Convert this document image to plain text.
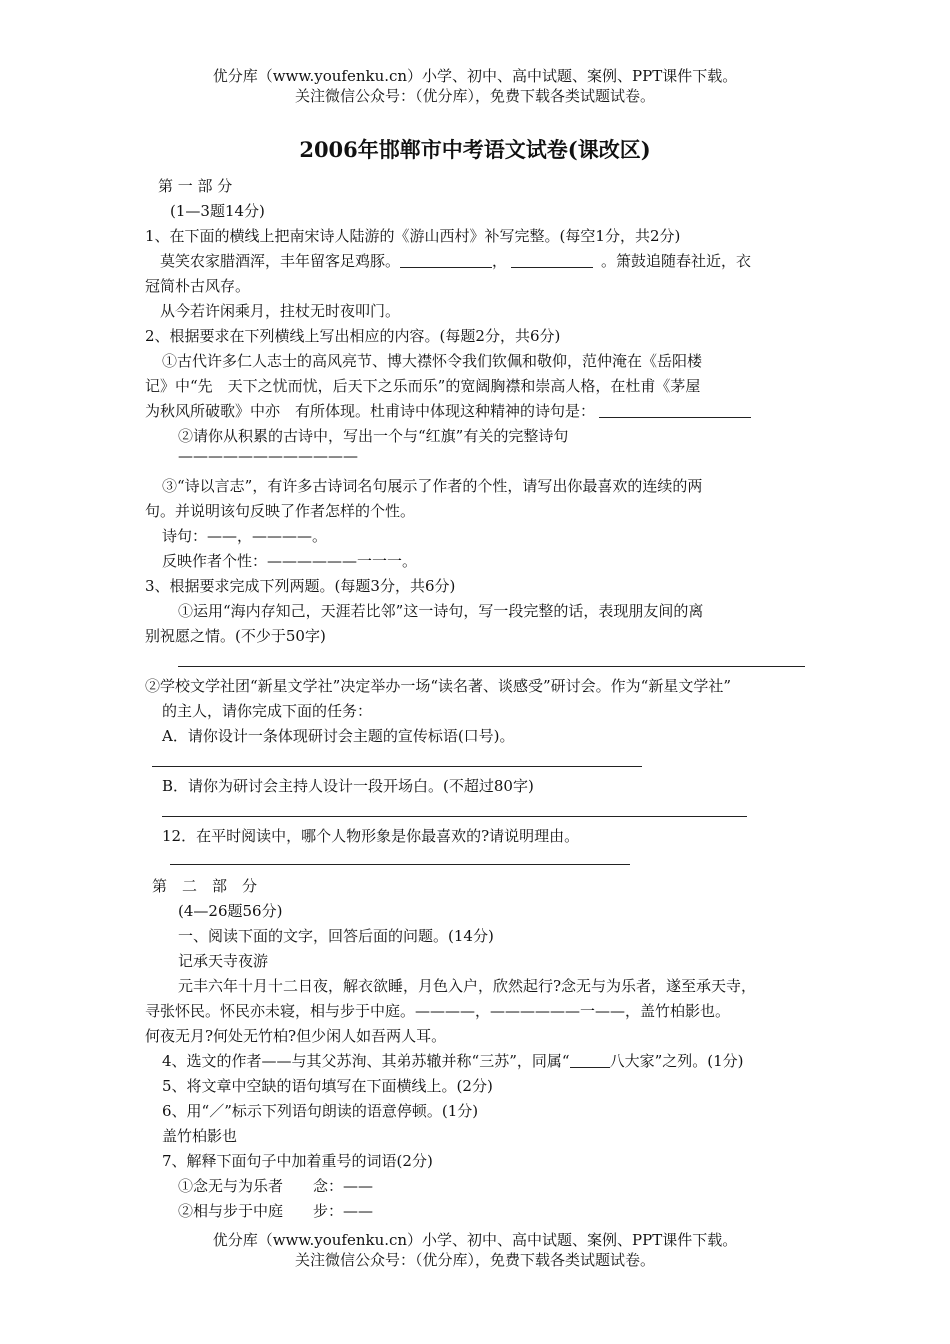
优分库（www.youfenku.cn）小学、初中、高中试题、案例、PPT课件下载。
关注微信公众号：（优分库），免费下载各类试题试卷。
2006年邯郸市中考语文试卷(课改区)
第 一 部 分
(1—3题14分)
1、在下面的横线上把南宋诗人陆游的《游山西村》补写完整。(每空1分，共2分)
莫笑农家腊酒浑，丰年留客足鸡豚。	，	。箫鼓追随春社近，衣
冠简朴古风存。
从今若许闲乘月，拄杖无时夜叩门。
2、根据要求在下列横线上写出相应的内容。(每题2分，共6分)
①古代许多仁人志士的高风亮节、博大襟怀令我们钦佩和敬仰，范仲淹在《岳阳楼
记》中“先　天下之忧而忧，后天下之乐而乐”的宽阔胸襟和崇高人格，在杜甫《茅屋
为秋风所破歌》中亦　有所体现。杜甫诗中体现这种精神的诗句是：
②请你从积累的古诗中，写出一个与“红旗”有关的完整诗句
————————————
③“诗以言志”，有许多古诗词名句展示了作者的个性，请写出你最喜欢的连续的两
句。并说明该句反映了作者怎样的个性。
诗句：——，————。
反映作者个性：——————一一一。
3、根据要求完成下列两题。(每题3分，共6分)
①运用“海内存知己，天涯若比邻”这一诗句，写一段完整的话，表现朋友间的离
别祝愿之情。(不少于50字)
②学校文学社团“新星文学社”决定举办一场“读名著、谈感受”研讨会。作为“新星文学社”
的主人，请你完成下面的任务：
A．请你设计一条体现研讨会主题的宣传标语(口号)。
B．请你为研讨会主持人设计一段开场白。(不超过80字)
12．在平时阅读中，哪个人物形象是你最喜欢的?请说明理由。
第　二　部　分
(4—26题56分)
一、阅读下面的文字，回答后面的问题。(14分)
记承天寺夜游
元丰六年十月十二日夜，解衣欲睡，月色入户，欣然起行?念无与为乐者，遂至承天寺，
寻张怀民。怀民亦未寝，相与步于中庭。————，——————一——，盖竹柏影也。
何夜无月?何处无竹柏?但少闲人如吾两人耳。
4、选文的作者——与其父苏洵、其弟苏辙并称“三苏”，同属“	八大家”之列。(1分)
5、将文章中空缺的语句填写在下面横线上。(2分)
6、用“／”标示下列语句朗读的语意停顿。(1分)
盖竹柏影也
7、解释下面句子中加着重号的词语(2分)
①念无与为乐者　　念：——
②相与步于中庭　　步：——
优分库（www.youfenku.cn）小学、初中、高中试题、案例、PPT课件下载。
关注微信公众号：（优分库），免费下载各类试题试卷。
